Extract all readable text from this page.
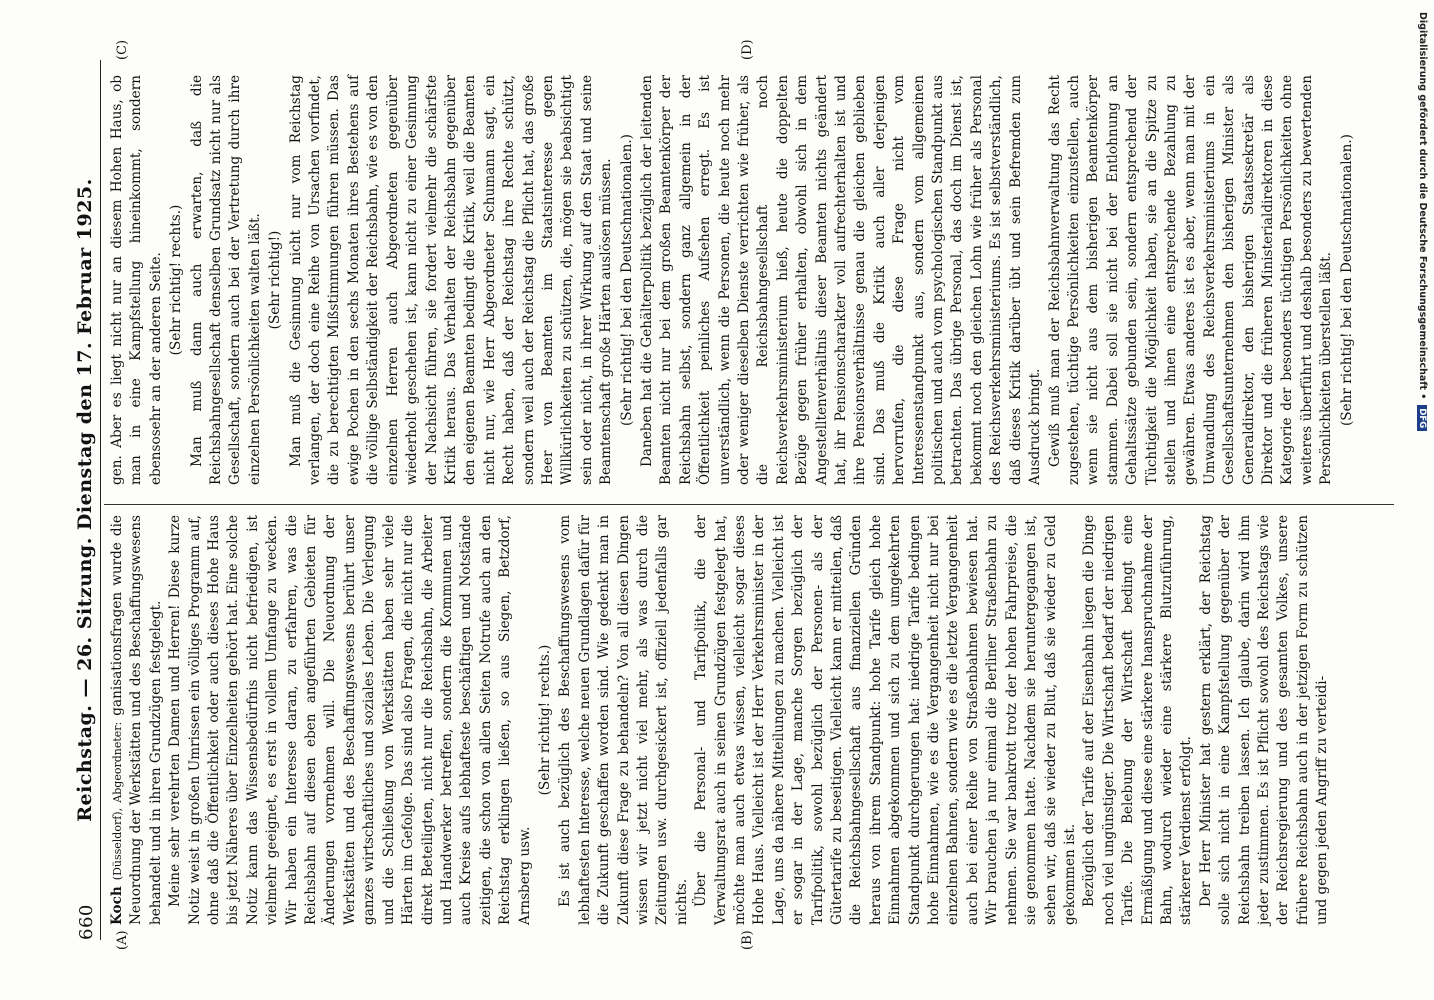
660
Reichstag. — 26. Sitzung. Dienstag den 17. Februar 1925.
(A)	(B)
(C)	(D)

Koch (Düsseldorf), Abgeordneter: ganisationsfragen wurde die Neuordnung der Werkstätten und des Beschaffungswesens behandelt und in ihren Grundzügen festgelegt. Meine sehr verehrten Damen und Herren! Diese kurze Notiz weist in großen Umrissen ein völliges Programm auf, ohne daß die Öffentlichkeit oder auch dieses Hohe Haus bis jetzt Näheres über Einzelheiten gehört hat. Eine solche Notiz kann das Wissensbedürfnis nicht befriedigen, ist vielmehr geeignet, es erst in vollem Umfange zu wecken. Wir haben ein Interesse daran, zu erfahren, was die Reichsbahn auf diesen eben angeführten Gebieten für Änderungen vornehmen will. Die Neuordnung der Werkstätten und des Beschaffungswesens berührt unser ganzes wirtschaftliches und soziales Leben. Die Verlegung und die Schließung von Werkstätten haben sehr viele Härten im Gefolge. Das sind also Fragen, die nicht nur die direkt Beteiligten, nicht nur die Reichsbahn, die Arbeiter und Handwerker betreffen, sondern die Kommunen und auch Kreise aufs lebhafteste beschäftigen und Notstände zeitigen, die schon von allen Seiten Notrufe auch an den Reichstag erklingen ließen, so aus Siegen, Betzdorf, Arnsberg usw.

(Sehr richtig! rechts.) Es ist auch bezüglich des Beschaffungswesens vom lebhaftesten Interesse, welche neuen Grundlagen dafür für die Zukunft geschaffen worden sind. Wie gedenkt man in Zukunft diese Frage zu behandeln? Von all diesen Dingen wissen wir jetzt nicht viel mehr, als was durch die Zeitungen usw. durchgesickert ist, offiziell jedenfalls gar nichts. Über die Personal- und Tarifpolitik, die der Verwaltungsrat auch in seinen Grundzügen festgelegt hat, möchte man auch etwas wissen, vielleicht sogar dieses Hohe Haus. Vielleicht ist der Herr Verkehrsminister in der Lage, uns da nähere Mitteilungen zu machen. Vielleicht ist er sogar in der Lage, manche Sorgen bezüglich der Tarifpolitik, sowohl bezüglich der Personen- als der Gütertarife zu beseitigen. Vielleicht kann er mitteilen, daß die Reichsbahngesellschaft aus finanziellen Gründen heraus von ihrem Standpunkt: hohe Tarife gleich hohe Einnahmen abgekommen und sich zu dem umgekehrten Standpunkt durchgerungen hat: niedrige Tarife bedingen hohe Einnahmen, wie es die Vergangenheit nicht nur bei einzelnen Bahnen, sondern wie es die letzte Vergangenheit auch bei einer Reihe von Straßenbahnen bewiesen hat. Wir brauchen ja nur einmal die Berliner Straßenbahn zu nehmen. Sie war bankrott trotz der hohen Fahrpreise, die sie genommen hatte. Nachdem sie heruntergegangen ist, sehen wir, daß sie wieder zu Blut, daß sie wieder zu Geld gekommen ist. Bezüglich der Tarife auf der Eisenbahn liegen die Dinge noch viel ungünstiger. Die Wirtschaft bedarf der niedrigen Tarife. Die Belebung der Wirtschaft bedingt eine Ermäßigung und diese eine stärkere Inanspruchnahme der Bahn, wodurch wieder eine stärkere Blutzuführung, stärkerer Verdienst erfolgt. Der Herr Minister hat gestern erklärt, der Reichstag solle sich nicht in eine Kampfstellung gegenüber der Reichsbahn treiben lassen. Ich glaube, darin wird ihm jeder zustimmen. Es ist Pflicht sowohl des Reichstags wie der Reichsregierung und des gesamten Volkes, unsere frühere Reichsbahn auch in der jetzigen Form zu schützen und gegen jeden Angriff zu verteidi-

gen. Aber es liegt nicht nur an diesem Hohen Haus, ob man in eine Kampfstellung hineinkommt, sondern ebensosehr an der anderen Seite. (Sehr richtig! rechts.) Man muß dann auch erwarten, daß die Reichsbahngesellschaft denselben Grundsatz nicht nur als Gesellschaft, sondern auch bei der Vertretung durch ihre einzelnen Persönlichkeiten walten läßt. (Sehr richtig!) Man muß die Gesinnung nicht nur vom Reichstag verlangen, der doch eine Reihe von Ursachen vorfindet, die zu berechtigten Mißstimmungen führen müssen. Das ewige Pochen in den sechs Monaten ihres Bestehens auf die völlige Selbständigkeit der Reichsbahn, wie es von den einzelnen Herren auch Abgeordneten gegenüber wiederholt geschehen ist, kann nicht zu einer Gesinnung der Nachsicht führen, sie fordert vielmehr die schärfste Kritik heraus. Das Verhalten der Reichsbahn gegenüber den eigenen Beamten bedingt die Kritik, weil die Beamten nicht nur, wie Herr Abgeordneter Schumann sagt, ein Recht haben, daß der Reichstag ihre Rechte schützt, sondern weil auch der Reichstag die Pflicht hat, das große Heer von Beamten im Staatsinteresse gegen Willkürlichkeiten zu schützen, die, mögen sie beabsichtigt sein oder nicht, in ihrer Wirkung auf den Staat und seine Beamtenschaft große Härten auslösen müssen. (Sehr richtig! bei den Deutschnationalen.) Daneben hat die Gehälterpolitik bezüglich der leitenden Beamten nicht nur bei dem großen Beamtenkörper der Reichsbahn selbst, sondern ganz allgemein in der Öffentlichkeit peinliches Aufsehen erregt. Es ist unverständlich, wenn die Personen, die heute noch mehr oder weniger dieselben Dienste verrichten wie früher, als die Reichsbahngesellschaft noch Reichsverkehrsministerium hieß, heute die doppelten Bezüge gegen früher erhalten, obwohl sich in dem Angestelltenverhältnis dieser Beamten nichts geändert hat, ihr Pensionscharakter voll aufrechterhalten ist und ihre Pensionsverhältnisse genau die gleichen geblieben sind. Das muß die Kritik auch aller derjenigen hervorrufen, die diese Frage nicht vom Interessenstandpunkt aus, sondern vom allgemeinen politischen und auch vom psychologischen Standpunkt aus betrachten. Das übrige Personal, das doch im Dienst ist, bekommt noch den gleichen Lohn wie früher als Personal des Reichsverkehrsministeriums. Es ist selbstverständlich, daß dieses Kritik darüber übt und sein Befremden zum Ausdruck bringt. Gewiß muß man der Reichsbahnverwaltung das Recht zugestehen, tüchtige Persönlichkeiten einzustellen, auch wenn sie nicht aus dem bisherigen Beamtenkörper stammen. Dabei soll sie nicht bei der Entlohnung an Gehaltssätze gebunden sein, sondern entsprechend der Tüchtigkeit die Möglichkeit haben, sie an die Spitze zu stellen und ihnen eine entsprechende Bezahlung zu gewähren. Etwas anderes ist es aber, wenn man mit der Umwandlung des Reichsverkehrsministeriums in ein Gesellschaftsunternehmen den bisherigen Minister als Generaldirektor, den bisherigen Staatssekretär als Direktor und die früheren Ministerialdirektoren in diese Kategorie der besonders tüchtigen Persönlichkeiten ohne weiteres überführt und deshalb besonders zu bewertenden Persönlichkeiten überstellen läßt. (Sehr richtig! bei den Deutschnationalen.)	Digitalisierung gefördert durch die Deutsche Forschungsgemeinschaft •DFG
